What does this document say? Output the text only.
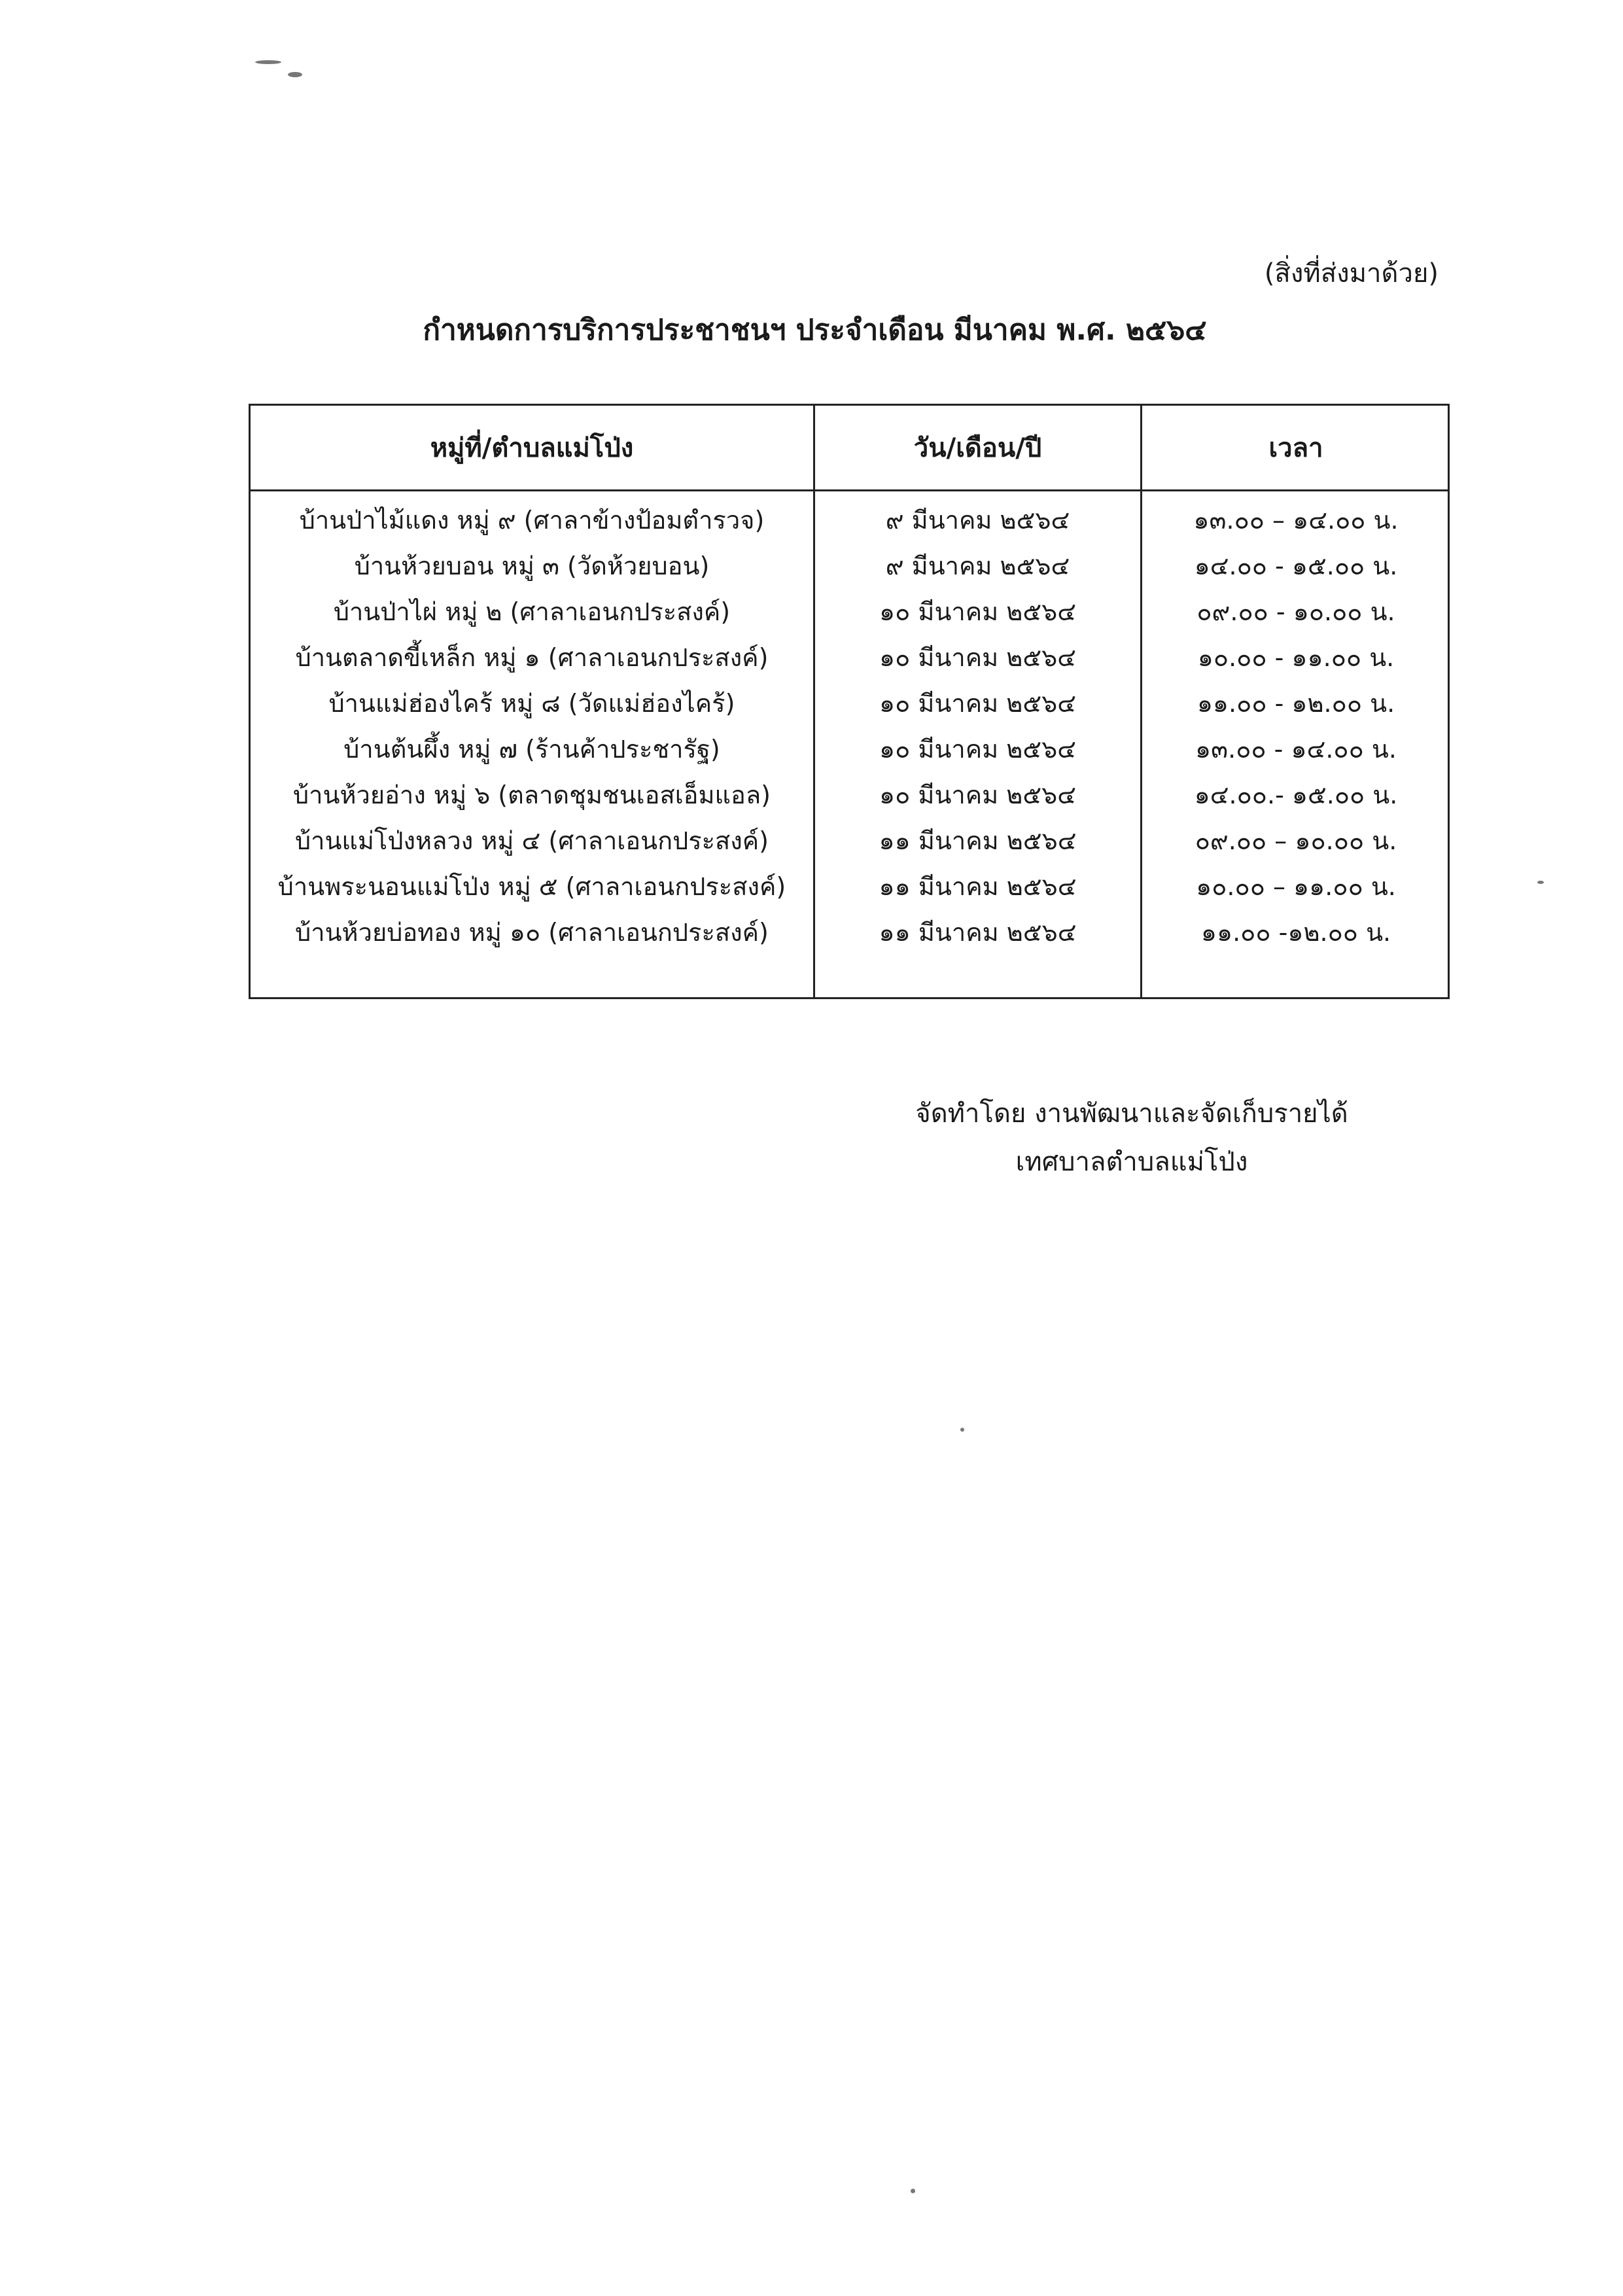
(สิ่งที่ส่งมาด้วย)
กำหนดการบริการประชาชนฯ ประจำเดือน มีนาคม พ.ศ. ๒๕๖๔
หมู่ที่/ตำบลแม่โป่ง	วัน/เดือน/ปี	เวลา
บ้านป่าไม้แดง หมู่ ๙ (ศาลาข้างป้อมตำรวจ)	๙ มีนาคม ๒๕๖๔	๑๓.๐๐ – ๑๔.๐๐ น.
บ้านห้วยบอน หมู่ ๓ (วัดห้วยบอน)	๙ มีนาคม ๒๕๖๔	๑๔.๐๐ - ๑๕.๐๐ น.
บ้านป่าไผ่ หมู่ ๒ (ศาลาเอนกประสงค์)	๑๐ มีนาคม ๒๕๖๔	๐๙.๐๐ - ๑๐.๐๐ น.
บ้านตลาดขี้เหล็ก หมู่ ๑ (ศาลาเอนกประสงค์)	๑๐ มีนาคม ๒๕๖๔	๑๐.๐๐ - ๑๑.๐๐ น.
บ้านแม่ฮ่องไคร้ หมู่ ๘ (วัดแม่ฮ่องไคร้)	๑๐ มีนาคม ๒๕๖๔	๑๑.๐๐ - ๑๒.๐๐ น.
บ้านต้นผึ้ง หมู่ ๗ (ร้านค้าประชารัฐ)	๑๐ มีนาคม ๒๕๖๔	๑๓.๐๐ - ๑๔.๐๐ น.
บ้านห้วยอ่าง หมู่ ๖ (ตลาดชุมชนเอสเอ็มแอล)	๑๐ มีนาคม ๒๕๖๔	๑๔.๐๐.- ๑๕.๐๐ น.
บ้านแม่โป่งหลวง หมู่ ๔ (ศาลาเอนกประสงค์)	๑๑ มีนาคม ๒๕๖๔	๐๙.๐๐ – ๑๐.๐๐ น.
บ้านพระนอนแม่โป่ง หมู่ ๕ (ศาลาเอนกประสงค์)	๑๑ มีนาคม ๒๕๖๔	๑๐.๐๐ – ๑๑.๐๐ น.
บ้านห้วยบ่อทอง หมู่ ๑๐ (ศาลาเอนกประสงค์)	๑๑ มีนาคม ๒๕๖๔	๑๑.๐๐ -๑๒.๐๐ น.
จัดทำโดย งานพัฒนาและจัดเก็บรายได้
เทศบาลตำบลแม่โป่ง
